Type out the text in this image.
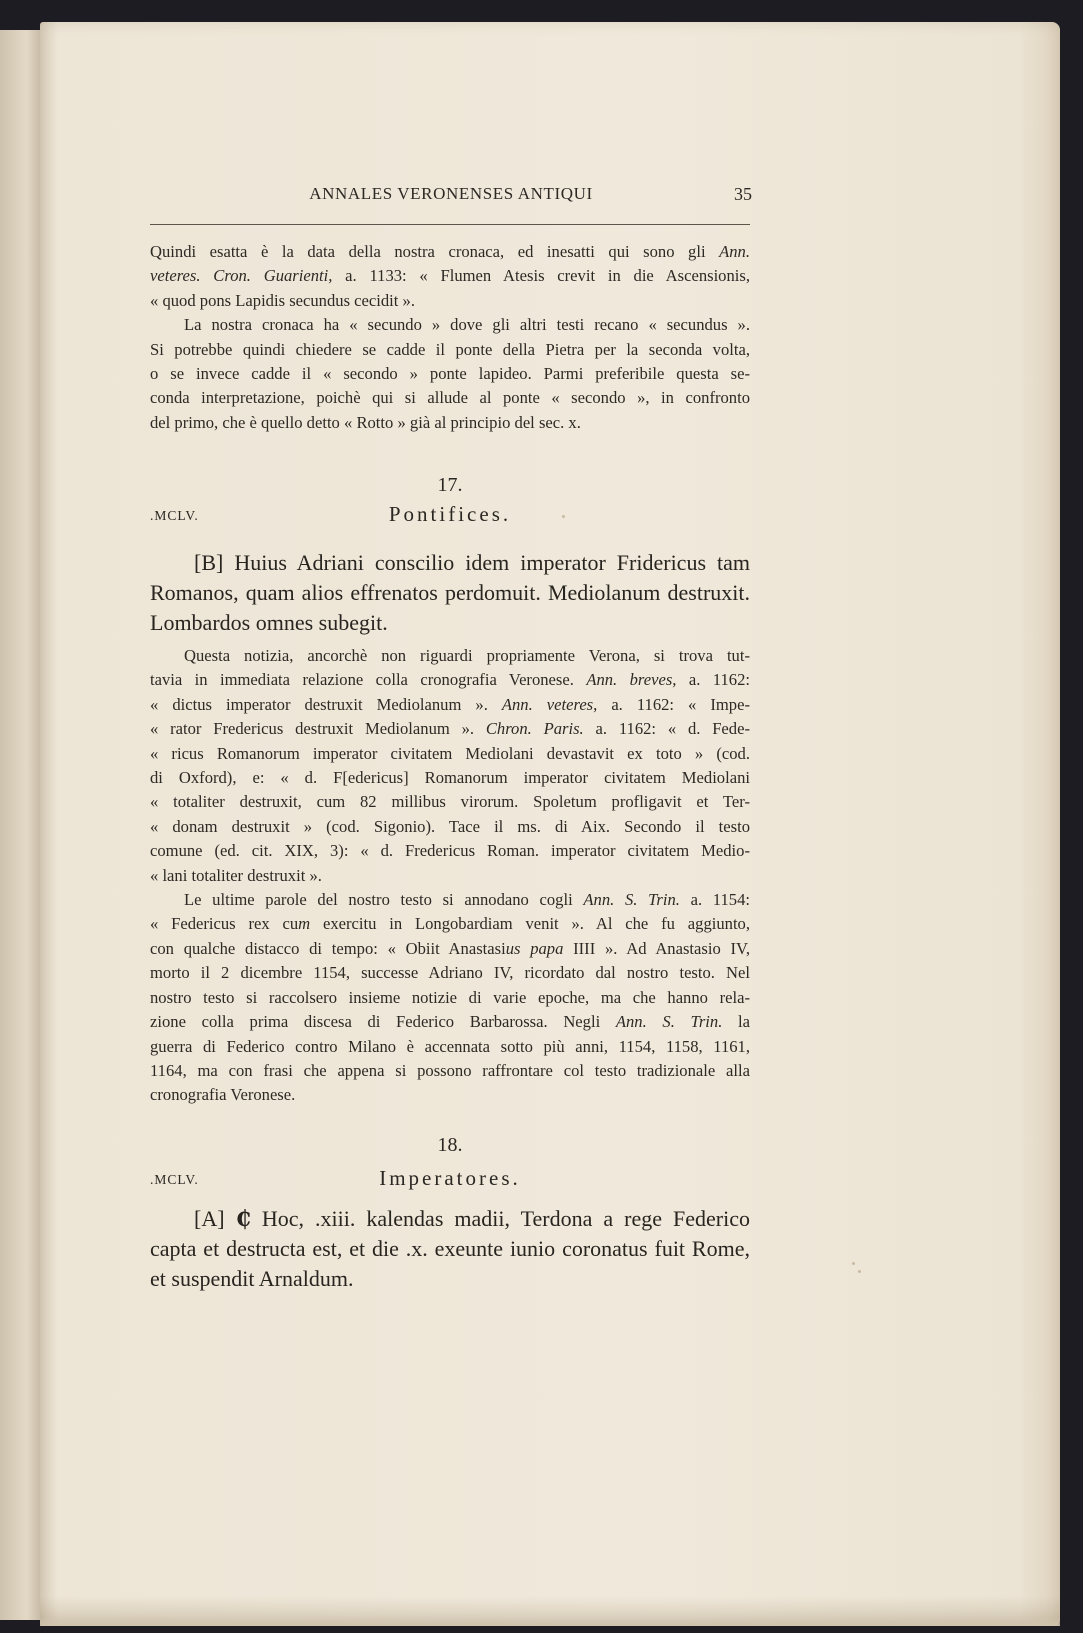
ANNALES VERONENSES ANTIQUI	35

Quindi esatta è la data della nostra cronaca, ed inesatti qui sono gli Ann.
veteres. Cron. Guarienti, a. 1133: « Flumen Atesis crevit in die Ascensionis,
« quod pons Lapidis secundus cecidit ».

La nostra cronaca ha « secundo » dove gli altri testi recano « secundus ».
Si potrebbe quindi chiedere se cadde il ponte della Pietra per la seconda volta,
o se invece cadde il « secondo » ponte lapideo. Parmi preferibile questa se-
conda interpretazione, poichè qui si allude al ponte « secondo », in confronto
del primo, che è quello detto « Rotto » già al principio del sec. x.

17.
.MCLV.	Pontifices.
[B] Huius Adriani conscilio idem imperator Fridericus tam
Romanos, quam alios effrenatos perdomuit. Mediolanum destruxit.
Lombardos omnes subegit.

Questa notizia, ancorchè non riguardi propriamente Verona, si trova tut-
tavia in immediata relazione colla cronografia Veronese. Ann. breves, a. 1162:
« dictus imperator destruxit Mediolanum ». Ann. veteres, a. 1162: « Impe-
« rator Fredericus destruxit Mediolanum ». Chron. Paris. a. 1162: « d. Fede-
« ricus Romanorum imperator civitatem Mediolani devastavit ex toto » (cod.
di Oxford), e: « d. F[edericus] Romanorum imperator civitatem Mediolani
« totaliter destruxit, cum 82 millibus virorum. Spoletum profligavit et Ter-
« donam destruxit » (cod. Sigonio). Tace il ms. di Aix. Secondo il testo
comune (ed. cit. XIX, 3): « d. Fredericus Roman. imperator civitatem Medio-
« lani totaliter destruxit ».

Le ultime parole del nostro testo si annodano cogli Ann. S. Trin. a. 1154:
« Federicus rex cum exercitu in Longobardiam venit ». Al che fu aggiunto,
con qualche distacco di tempo: « Obiit Anastasius papa IIII ». Ad Anastasio IV,
morto il 2 dicembre 1154, successe Adriano IV, ricordato dal nostro testo. Nel
nostro testo si raccolsero insieme notizie di varie epoche, ma che hanno rela-
zione colla prima discesa di Federico Barbarossa. Negli Ann. S. Trin. la
guerra di Federico contro Milano è accennata sotto più anni, 1154, 1158, 1161,
1164, ma con frasi che appena si possono raffrontare col testo tradizionale alla
cronografia Veronese.

18.
.MCLV.	Imperatores.
[A] ₵ Hoc, .xiii. kalendas madii, Terdona a rege Federico
capta et destructa est, et die .x. exeunte iunio coronatus fuit Rome,
et suspendit Arnaldum.
